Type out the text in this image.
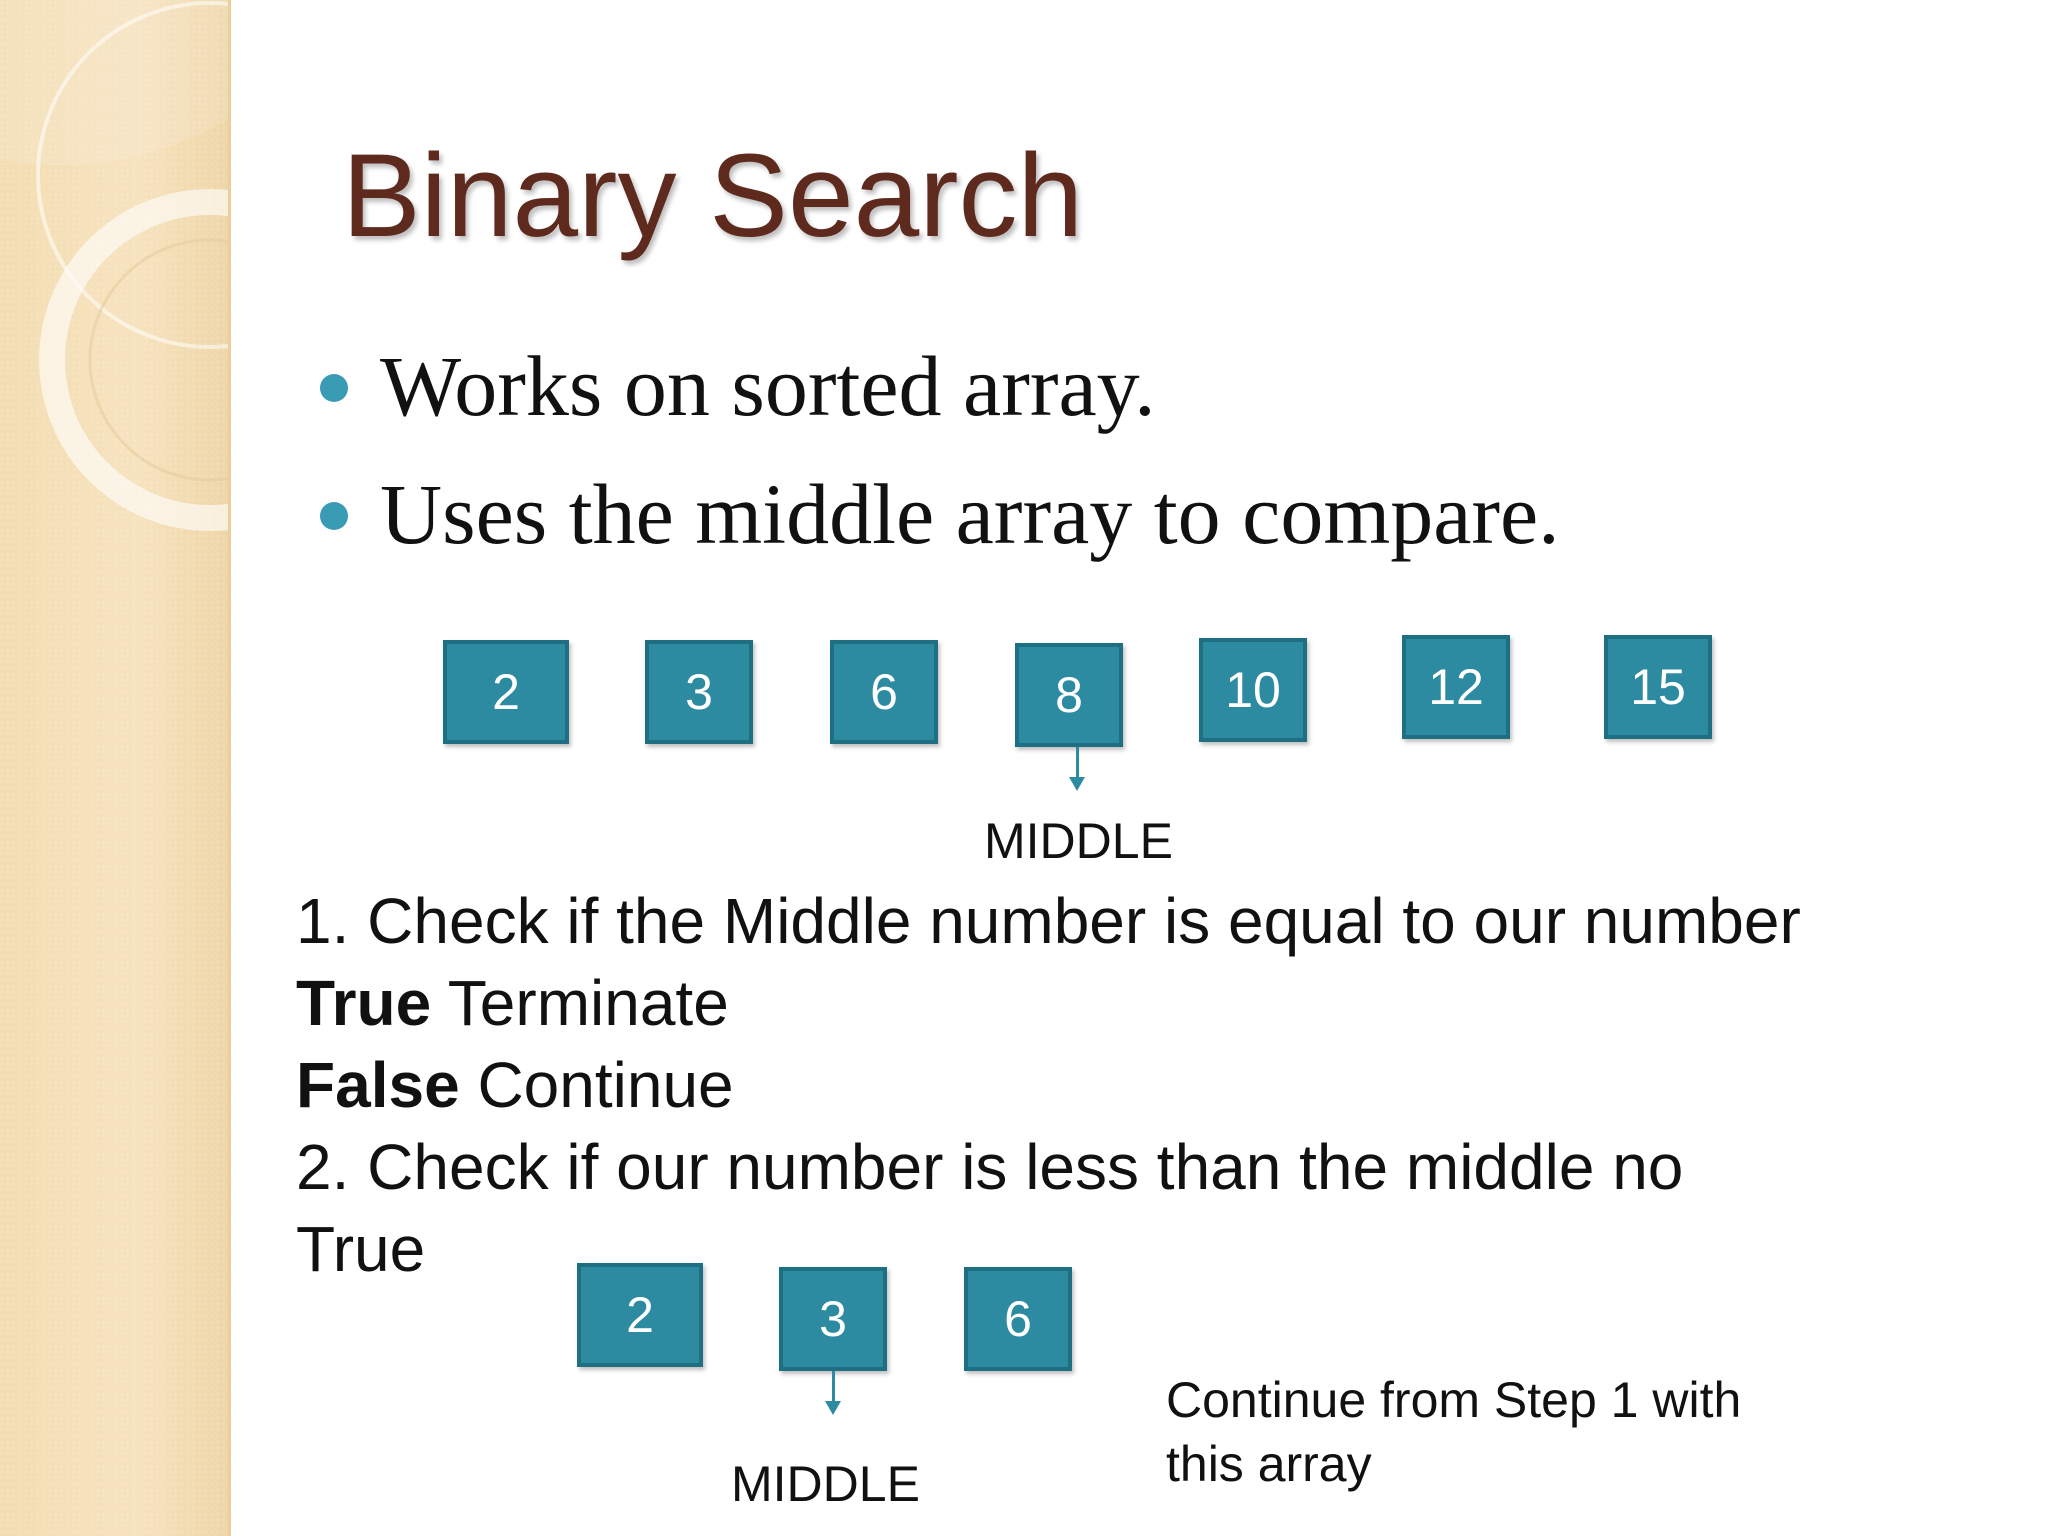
Binary Search
Works on sorted array.
Uses the middle array to compare.
2	3	6	8	10	12	15
MIDDLE
1. Check if the Middle number is equal to our number
True Terminate
False Continue
2. Check if our number is less than the middle no
True
2	3	6
MIDDLE
Continue from Step 1 with this array
